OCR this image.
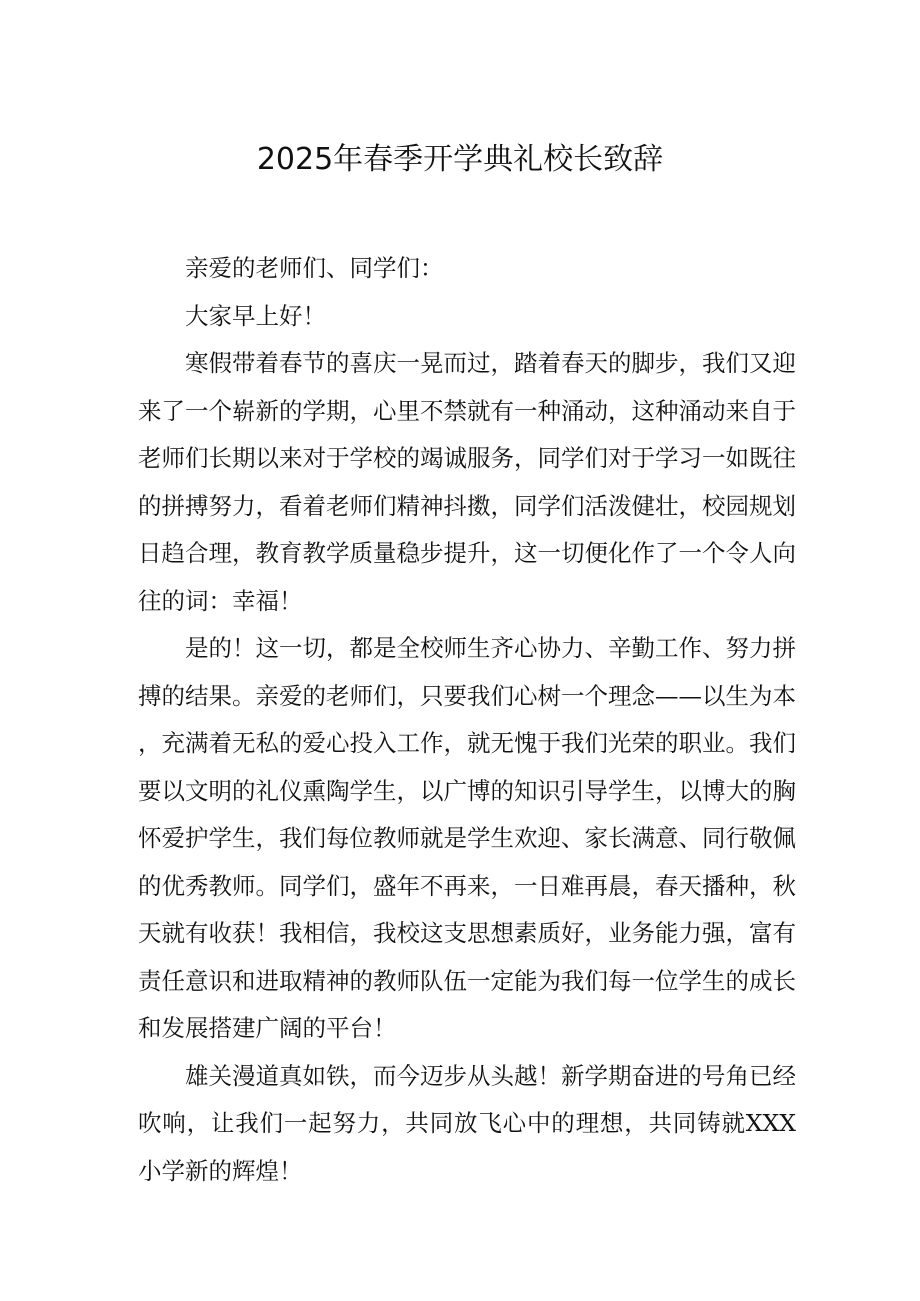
2025年春季开学典礼校长致辞

亲爱的老师们、同学们：

大家早上好！

寒假带着春节的喜庆一晃而过，踏着春天的脚步，我们又迎来了一个崭新的学期，心里不禁就有一种涌动，这种涌动来自于老师们长期以来对于学校的竭诚服务，同学们对于学习一如既往的拼搏努力，看着老师们精神抖擞，同学们活泼健壮，校园规划日趋合理，教育教学质量稳步提升，这一切便化作了一个令人向往的词：幸福！

是的！这一切，都是全校师生齐心协力、辛勤工作、努力拼搏的结果。亲爱的老师们，只要我们心树一个理念——以生为本，充满着无私的爱心投入工作，就无愧于我们光荣的职业。我们要以文明的礼仪熏陶学生，以广博的知识引导学生，以博大的胸怀爱护学生，我们每位教师就是学生欢迎、家长满意、同行敬佩的优秀教师。同学们，盛年不再来，一日难再晨，春天播种，秋天就有收获！我相信，我校这支思想素质好，业务能力强，富有责任意识和进取精神的教师队伍一定能为我们每一位学生的成长和发展搭建广阔的平台！

雄关漫道真如铁，而今迈步从头越！新学期奋进的号角已经吹响，让我们一起努力，共同放飞心中的理想，共同铸就XXX小学新的辉煌！
